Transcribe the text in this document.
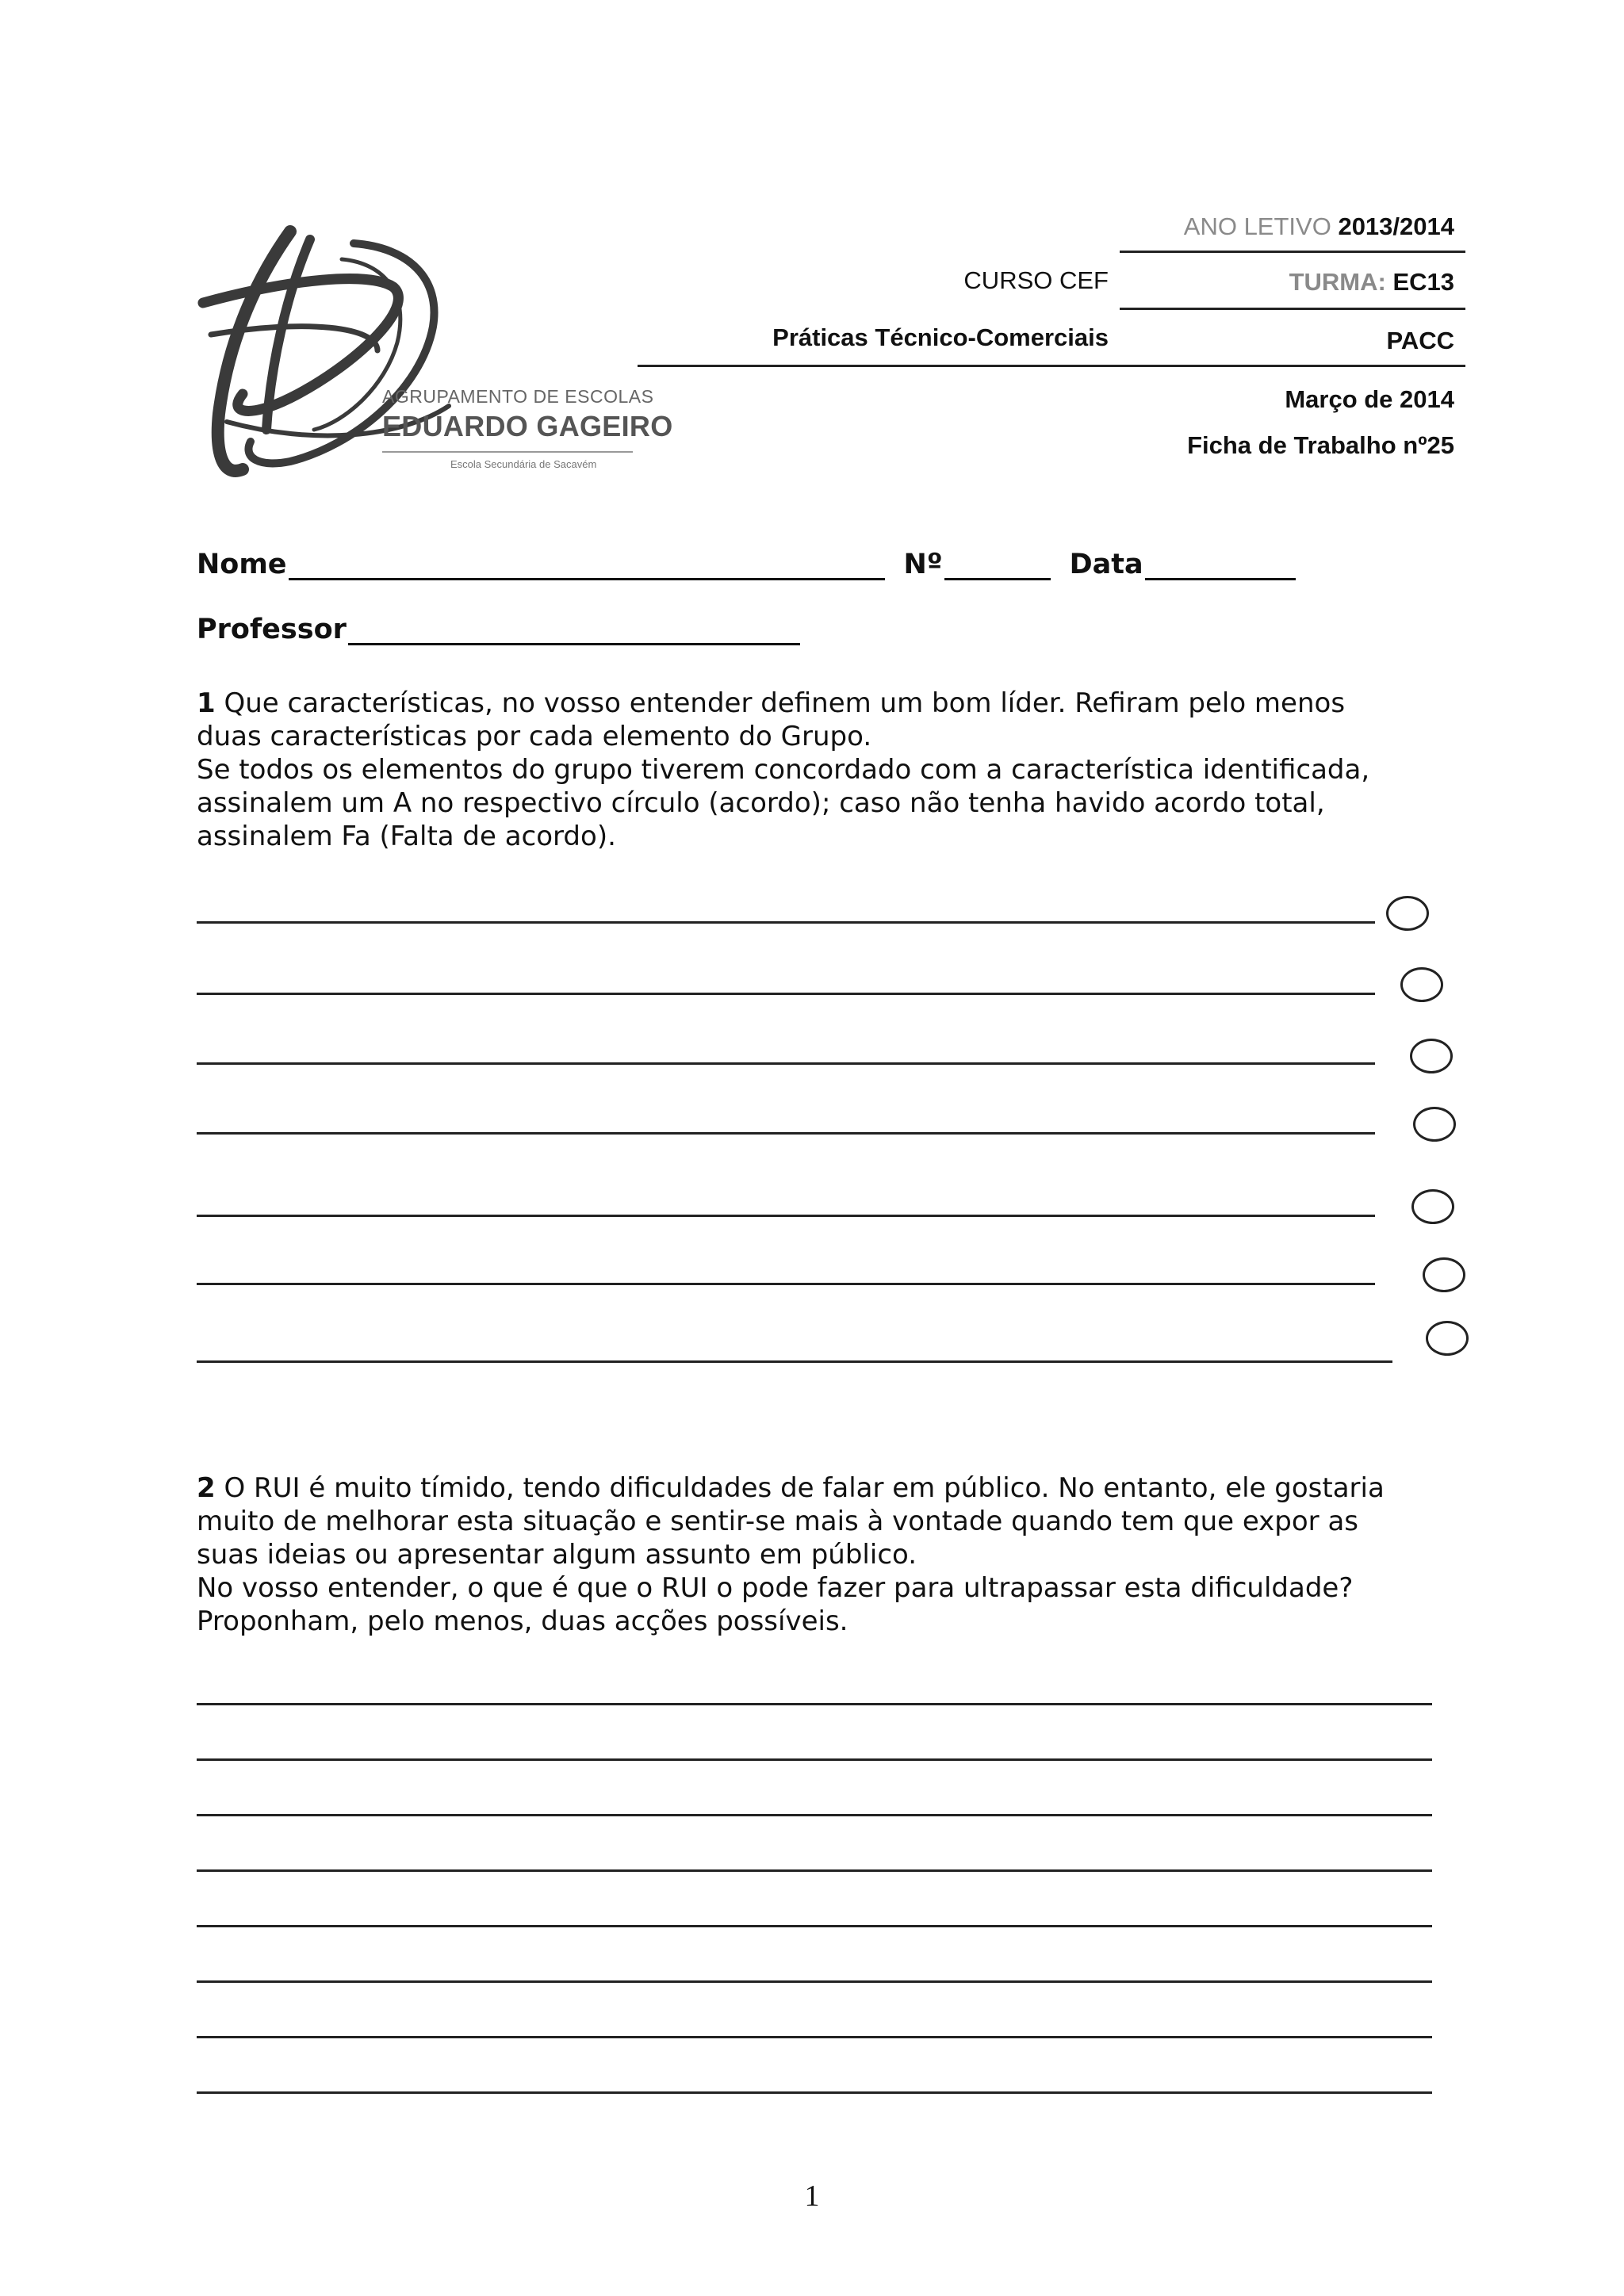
AGRUPAMENTO DE ESCOLAS
EDUARDO GAGEIRO
Escola Secundária de Sacavém
ANO LETIVO 2013/2014
CURSO CEF	TURMA: EC13
Práticas Técnico-Comerciais	PACC
Março de 2014
Ficha de Trabalho nº25
Nome	Nº	Data
Professor
1 Que características, no vosso entender definem um bom líder. Refiram pelo menos
duas características por cada elemento do Grupo.
Se todos os elementos do grupo tiverem concordado com a característica identificada,
assinalem um A no respectivo círculo (acordo); caso não tenha havido acordo total,
assinalem Fa (Falta de acordo).
2 O RUI é muito tímido, tendo dificuldades de falar em público. No entanto, ele gostaria
muito de melhorar esta situação e sentir-se mais à vontade quando tem que expor as
suas ideias ou apresentar algum assunto em público.
No vosso entender, o que é que o RUI o pode fazer para ultrapassar esta dificuldade?
Proponham, pelo menos, duas acções possíveis.
1
